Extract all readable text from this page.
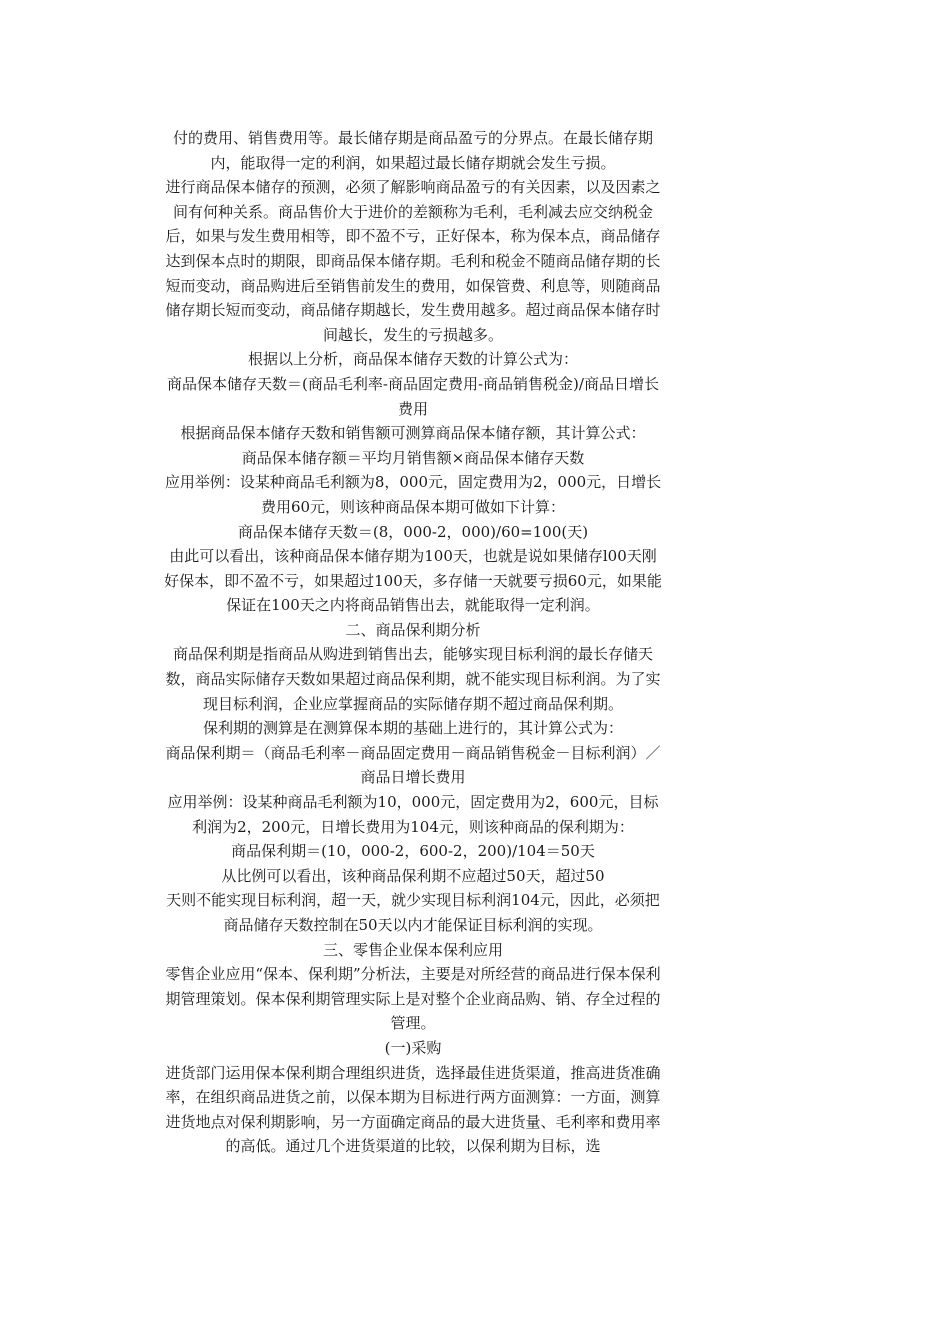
付的费用、销售费用等。最长储存期是商品盈亏的分界点。在最长储存期内，能取得一定的利润，如果超过最长储存期就会发生亏损。

进行商品保本储存的预测，必须了解影响商品盈亏的有关因素，以及因素之间有何种关系。商品售价大于进价的差额称为毛利，毛利减去应交纳税金后，如果与发生费用相等，即不盈不亏，正好保本，称为保本点，商品储存达到保本点时的期限，即商品保本储存期。毛利和税金不随商品储存期的长短而变动，商品购进后至销售前发生的费用，如保管费、利息等，则随商品储存期长短而变动，商品储存期越长，发生费用越多。超过商品保本储存时间越长，发生的亏损越多。

根据以上分析，商品保本储存天数的计算公式为：

商品保本储存天数＝(商品毛利率-商品固定费用-商品销售税金)/商品日增长费用

根据商品保本储存天数和销售额可测算商品保本储存额，其计算公式：

商品保本储存额＝平均月销售额×商品保本储存天数

应用举例：设某种商品毛利额为8，000元，固定费用为2，000元，日增长费用60元，则该种商品保本期可做如下计算：

商品保本储存天数＝(8，000-2，000)/60=100(天)

由此可以看出，该种商品保本储存期为100天，也就是说如果储存l00天刚好保本，即不盈不亏，如果超过100天，多存储一天就要亏损60元，如果能保证在100天之内将商品销售出去，就能取得一定利润。

二、商品保利期分析

商品保利期是指商品从购进到销售出去，能够实现目标利润的最长存储天数，商品实际储存天数如果超过商品保利期，就不能实现目标利润。为了实现目标利润，企业应掌握商品的实际储存期不超过商品保利期。

保利期的测算是在测算保本期的基础上进行的，其计算公式为：

商品保利期＝（商品毛利率－商品固定费用－商品销售税金－目标利润）／商品日增长费用

应用举例：设某种商品毛利额为10，000元，固定费用为2，600元，目标利润为2，200元，日增长费用为104元，则该种商品的保利期为：

商品保利期＝(10，000-2，600-2，200)/104＝50天

从比例可以看出，该种商品保利期不应超过50天，超过50

天则不能实现目标利润，超一天，就少实现目标利润104元，因此，必须把商品储存天数控制在50天以内才能保证目标利润的实现。

三、零售企业保本保利应用

零售企业应用“保本、保利期”分析法，主要是对所经营的商品进行保本保利期管理策划。保本保利期管理实际上是对整个企业商品购、销、存全过程的管理。

(一)采购

进货部门运用保本保利期合理组织进货，选择最佳进货渠道，推高进货准确率，在组织商品进货之前，以保本期为目标进行两方面测算：一方面，测算进货地点对保利期影响，另一方面确定商品的最大进货量、毛利率和费用率的高低。通过几个进货渠道的比较，以保利期为目标，选
